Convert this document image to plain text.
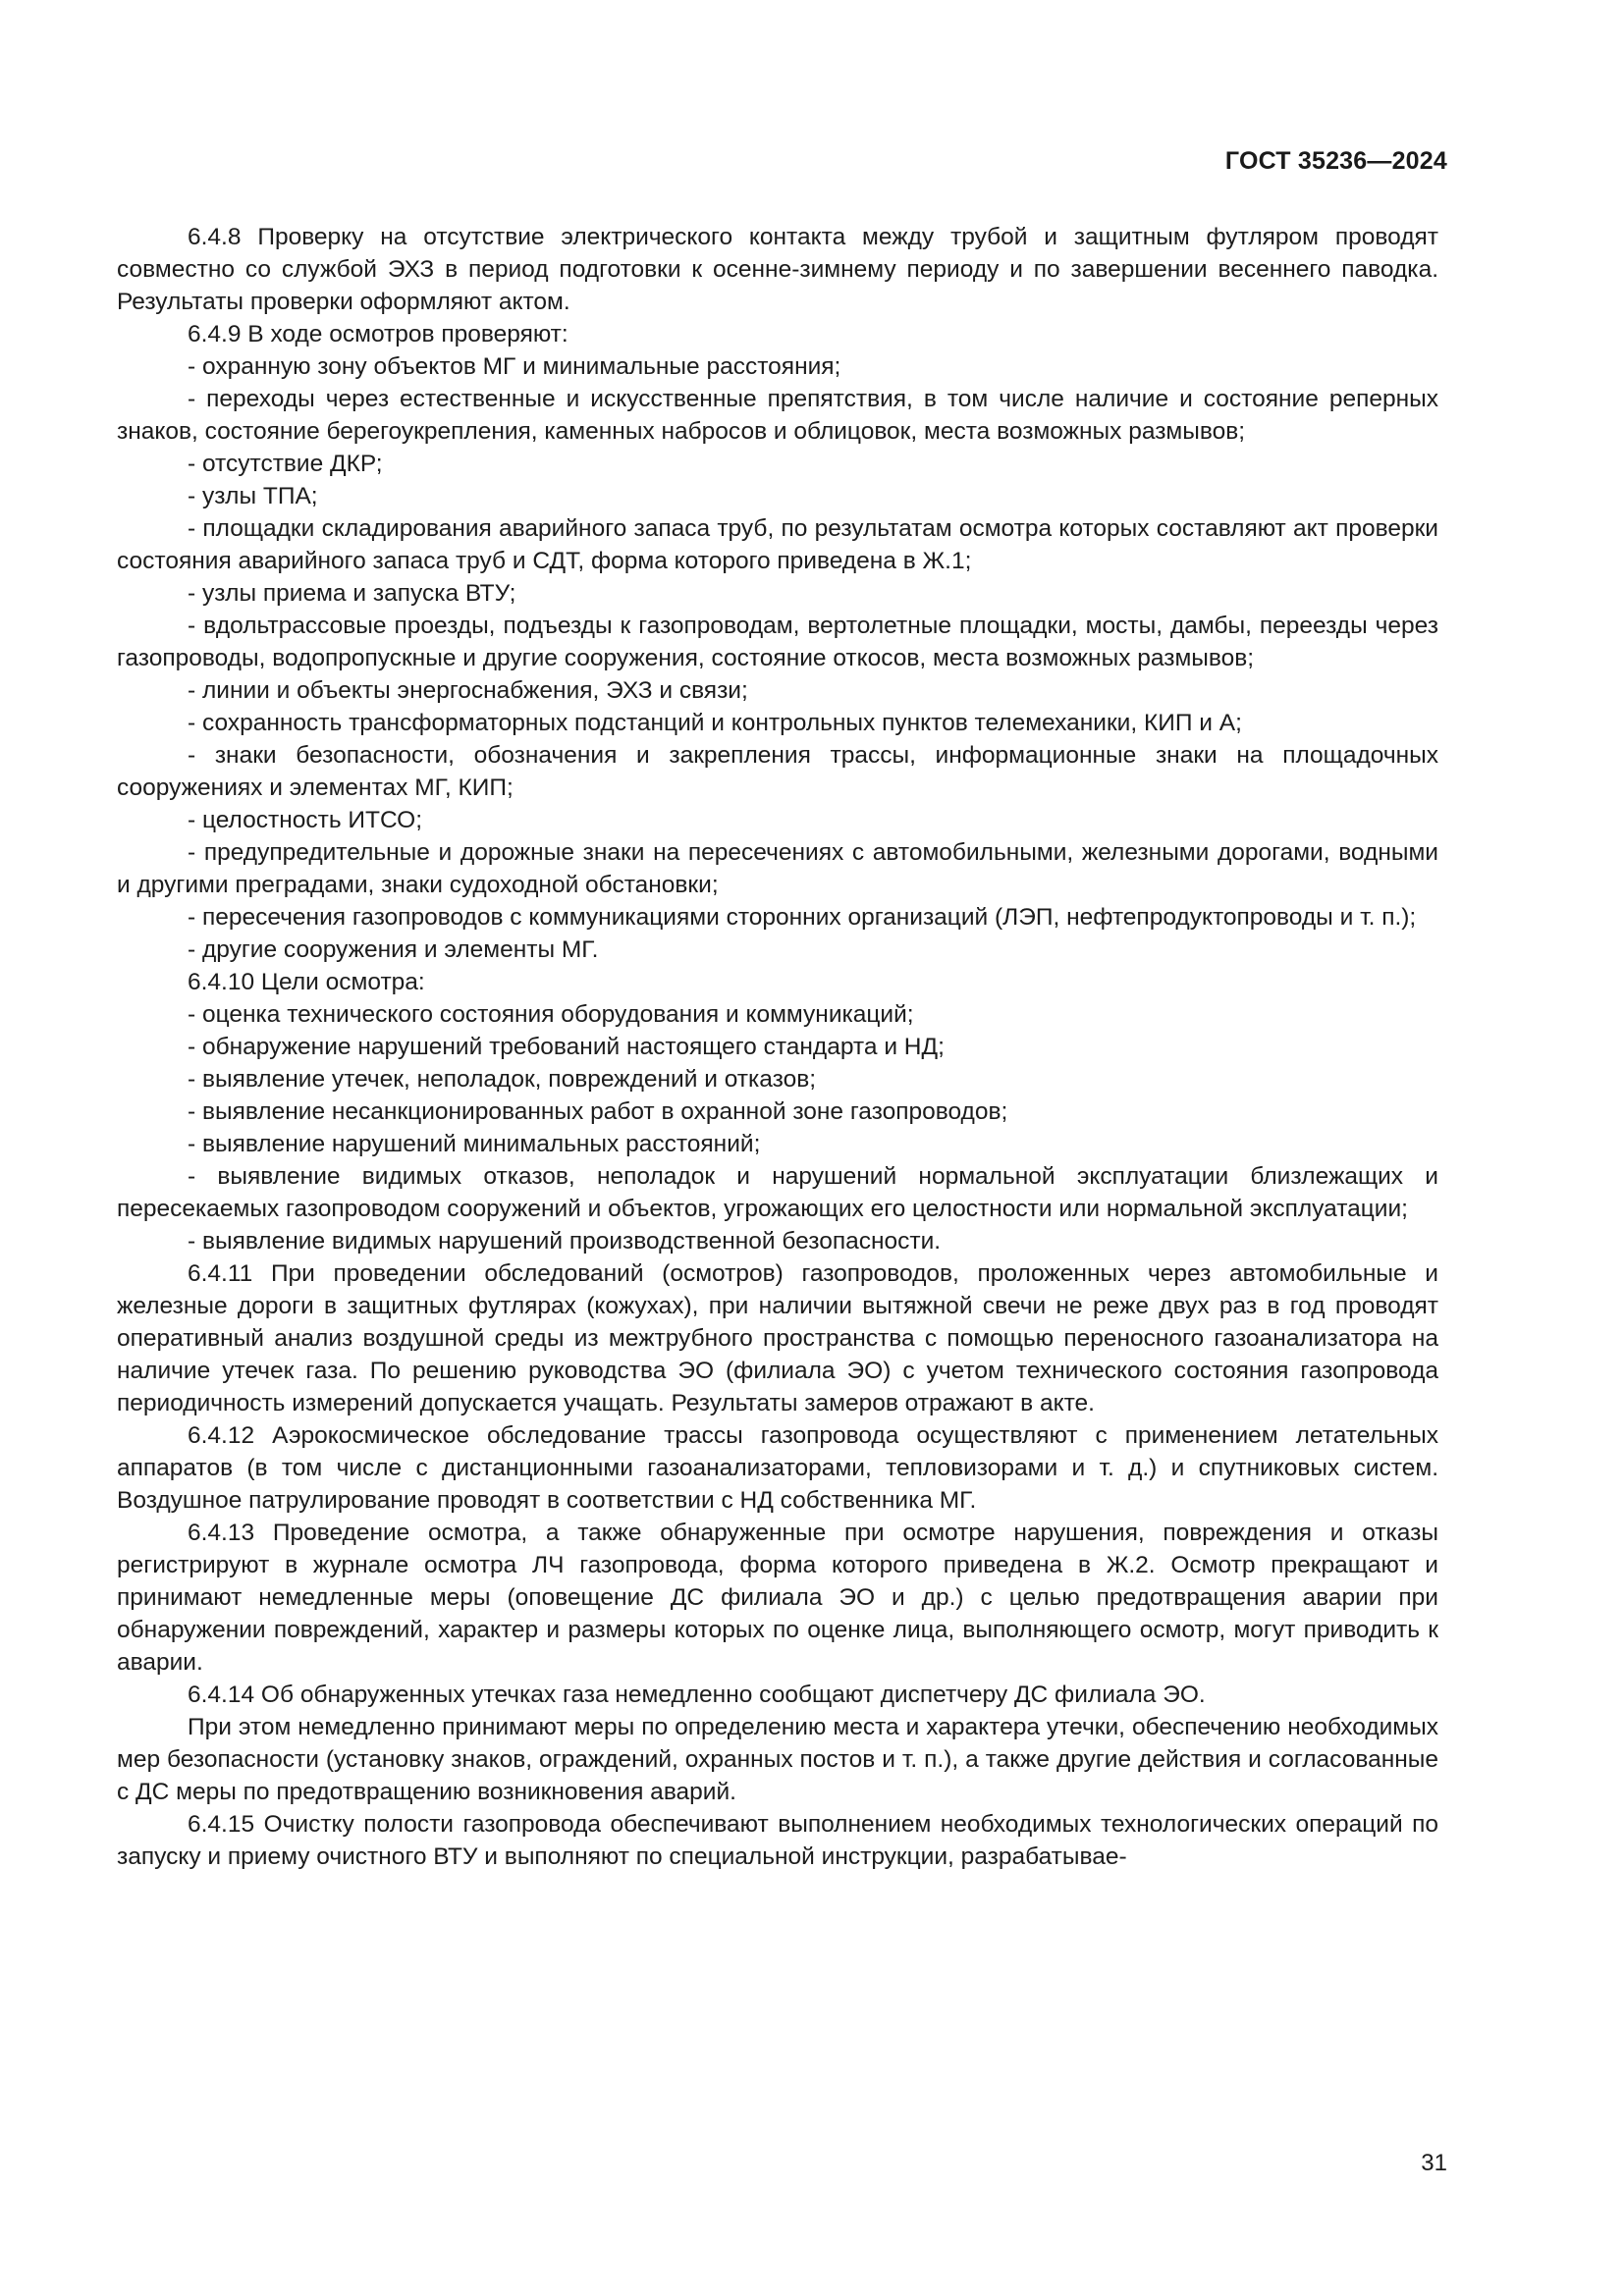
ГОСТ 35236—2024

6.4.8 Проверку на отсутствие электрического контакта между трубой и защитным футляром проводят совместно со службой ЭХЗ в период подготовки к осенне-зимнему периоду и по завершении весеннего паводка. Результаты проверки оформляют актом.

6.4.9 В ходе осмотров проверяют:

- охранную зону объектов МГ и минимальные расстояния;

- переходы через естественные и искусственные препятствия, в том числе наличие и состояние реперных знаков, состояние берегоукрепления, каменных набросов и облицовок, места возможных размывов;

- отсутствие ДКР;

- узлы ТПА;

- площадки складирования аварийного запаса труб, по результатам осмотра которых составляют акт проверки состояния аварийного запаса труб и СДТ, форма которого приведена в Ж.1;

- узлы приема и запуска ВТУ;

- вдольтрассовые проезды, подъезды к газопроводам, вертолетные площадки, мосты, дамбы, переезды через газопроводы, водопропускные и другие сооружения, состояние откосов, места возможных размывов;

- линии и объекты энергоснабжения, ЭХЗ и связи;

- сохранность трансформаторных подстанций и контрольных пунктов телемеханики, КИП и А;

- знаки безопасности, обозначения и закрепления трассы, информационные знаки на площадочных сооружениях и элементах МГ, КИП;

- целостность ИТСО;

- предупредительные и дорожные знаки на пересечениях с автомобильными, железными дорогами, водными и другими преградами, знаки судоходной обстановки;

- пересечения газопроводов с коммуникациями сторонних организаций (ЛЭП, нефтепродуктопроводы и т. п.);

- другие сооружения и элементы МГ.

6.4.10 Цели осмотра:

- оценка технического состояния оборудования и коммуникаций;

- обнаружение нарушений требований настоящего стандарта и НД;

- выявление утечек, неполадок, повреждений и отказов;

- выявление несанкционированных работ в охранной зоне газопроводов;

- выявление нарушений минимальных расстояний;

- выявление видимых отказов, неполадок и нарушений нормальной эксплуатации близлежащих и пересекаемых газопроводом сооружений и объектов, угрожающих его целостности или нормальной эксплуатации;

- выявление видимых нарушений производственной безопасности.

6.4.11 При проведении обследований (осмотров) газопроводов, проложенных через автомобильные и железные дороги в защитных футлярах (кожухах), при наличии вытяжной свечи не реже двух раз в год проводят оперативный анализ воздушной среды из межтрубного пространства с помощью переносного газоанализатора на наличие утечек газа. По решению руководства ЭО (филиала ЭО) с учетом технического состояния газопровода периодичность измерений допускается учащать. Результаты замеров отражают в акте.

6.4.12 Аэрокосмическое обследование трассы газопровода осуществляют с применением летательных аппаратов (в том числе с дистанционными газоанализаторами, тепловизорами и т. д.) и спутниковых систем. Воздушное патрулирование проводят в соответствии с НД собственника МГ.

6.4.13 Проведение осмотра, а также обнаруженные при осмотре нарушения, повреждения и отказы регистрируют в журнале осмотра ЛЧ газопровода, форма которого приведена в Ж.2. Осмотр прекращают и принимают немедленные меры (оповещение ДС филиала ЭО и др.) с целью предотвращения аварии при обнаружении повреждений, характер и размеры которых по оценке лица, выполняющего осмотр, могут приводить к аварии.

6.4.14 Об обнаруженных утечках газа немедленно сообщают диспетчеру ДС филиала ЭО.

При этом немедленно принимают меры по определению места и характера утечки, обеспечению необходимых мер безопасности (установку знаков, ограждений, охранных постов и т. п.), а также другие действия и согласованные с ДС меры по предотвращению возникновения аварий.

6.4.15 Очистку полости газопровода обеспечивают выполнением необходимых технологических операций по запуску и приему очистного ВТУ и выполняют по специальной инструкции, разрабатывае-

31
